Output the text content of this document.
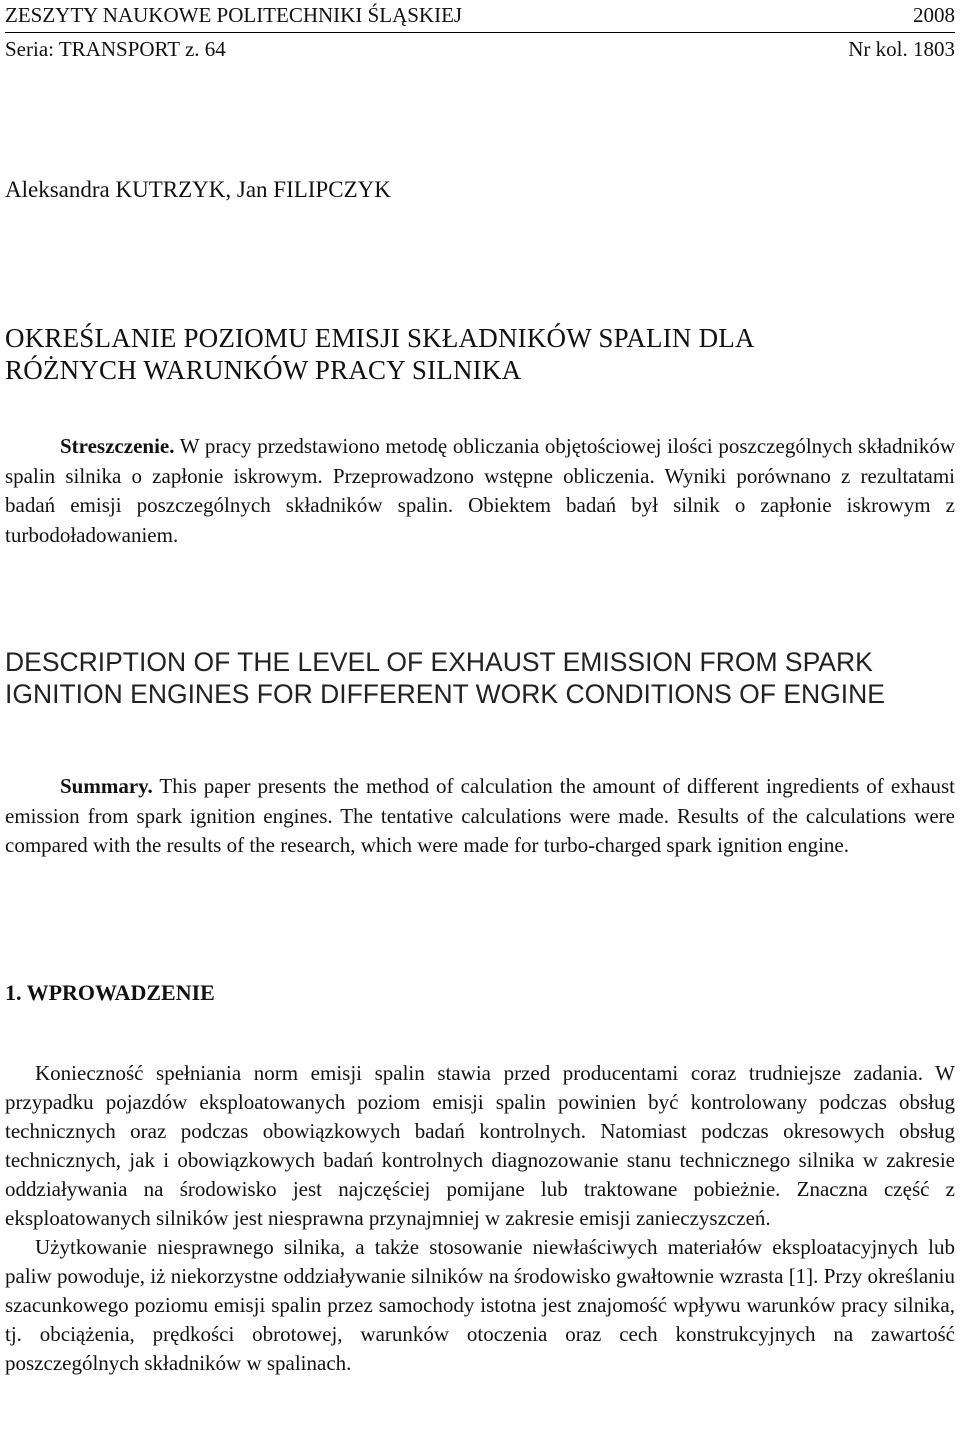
ZESZYTY NAUKOWE POLITECHNIKI ŚLĄSKIEJ	2008
Seria: TRANSPORT z. 64	Nr kol. 1803
Aleksandra KUTRZYK, Jan FILIPCZYK
OKREŚLANIE POZIOMU EMISJI SKŁADNIKÓW SPALIN DLA
RÓŻNYCH WARUNKÓW PRACY SILNIKA
Streszczenie. W pracy przedstawiono metodę obliczania objętościowej ilości poszczególnych składników spalin silnika o zapłonie iskrowym. Przeprowadzono wstępne obliczenia. Wyniki porównano z rezultatami badań emisji poszczególnych składników spalin. Obiektem badań był silnik o zapłonie iskrowym z turbodoładowaniem.
DESCRIPTION OF THE LEVEL OF EXHAUST EMISSION FROM SPARK
IGNITION ENGINES FOR DIFFERENT WORK CONDITIONS OF ENGINE
Summary. This paper presents the method of calculation the amount of different ingredients of exhaust emission from spark ignition engines. The tentative calculations were made. Results of the calculations were compared with the results of the research, which were made for turbo-charged spark ignition engine.
1. WPROWADZENIE

Konieczność spełniania norm emisji spalin stawia przed producentami coraz trudniejsze zadania. W przypadku pojazdów eksploatowanych poziom emisji spalin powinien być kontrolowany podczas obsług technicznych oraz podczas obowiązkowych badań kontrolnych. Natomiast podczas okresowych obsług technicznych, jak i obowiązkowych badań kontrolnych diagnozowanie stanu technicznego silnika w zakresie oddziaływania na środowisko jest najczęściej pomijane lub traktowane pobieżnie. Znaczna część z eksploatowanych silników jest niesprawna przynajmniej w zakresie emisji zanieczyszczeń.

Użytkowanie niesprawnego silnika, a także stosowanie niewłaściwych materiałów eksploatacyjnych lub paliw powoduje, iż niekorzystne oddziaływanie silników na środowisko gwałtownie wzrasta [1]. Przy określaniu szacunkowego poziomu emisji spalin przez samochody istotna jest znajomość wpływu warunków pracy silnika, tj. obciążenia, prędkości obrotowej, warunków otoczenia oraz cech konstrukcyjnych na zawartość poszczególnych składników w spalinach.
